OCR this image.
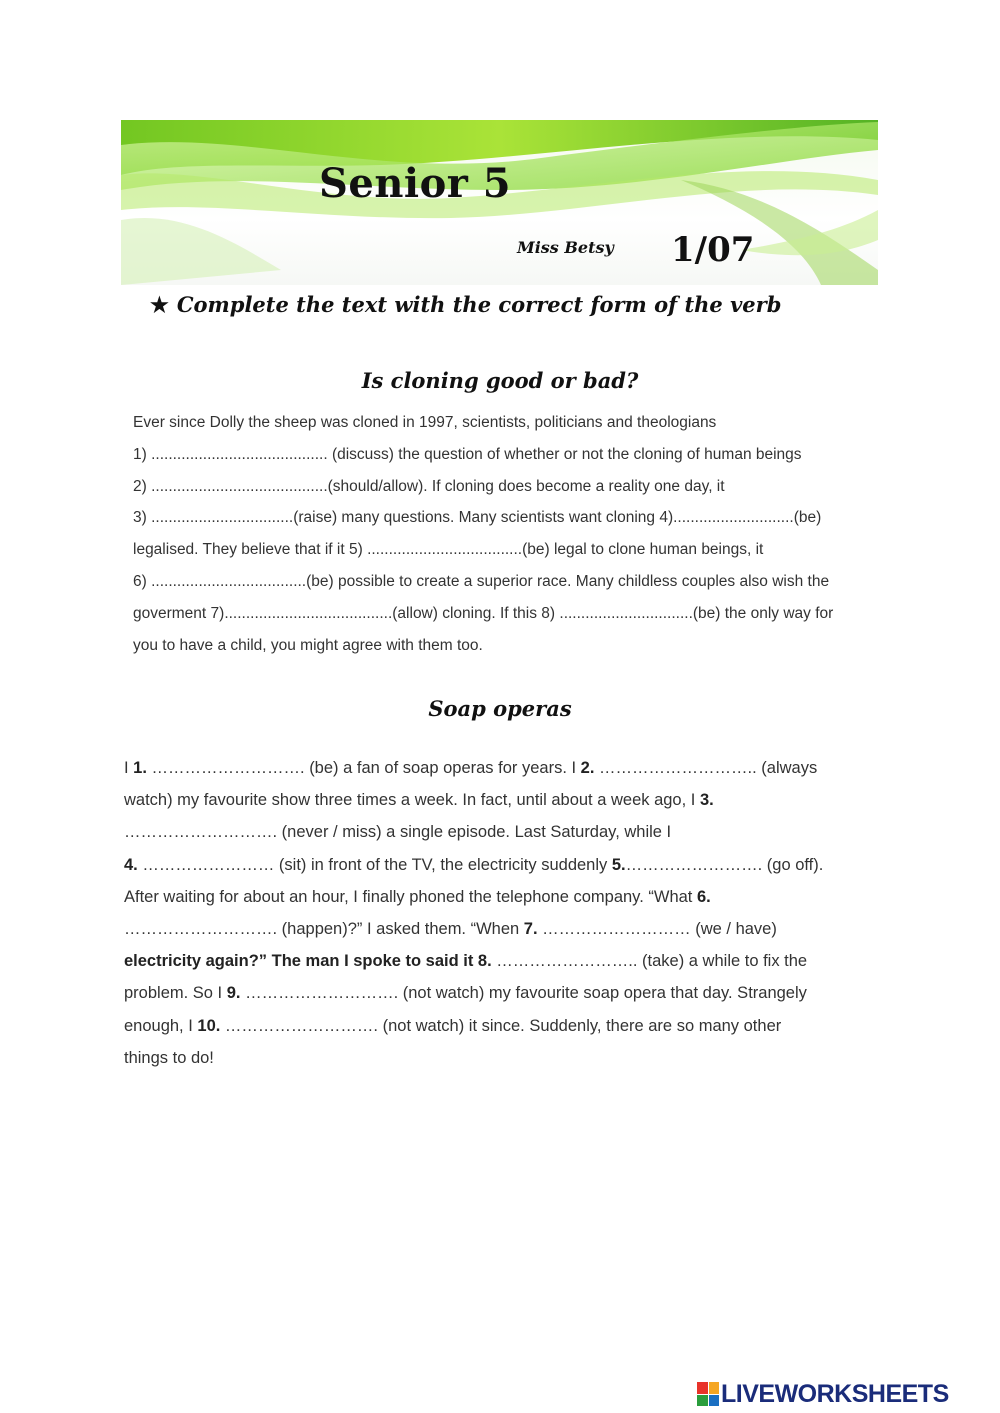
Senior 5
Miss Betsy 1/07
★ Complete the text with the correct form of the verb
Is cloning good or bad?
Ever since Dolly the sheep was cloned in 1997, scientists, politicians and theologians
1) ......................................... (discuss) the question of whether or not the cloning of human beings
2) .........................................(should/allow). If cloning does become a reality one day, it
3) .................................(raise) many questions. Many scientists want cloning 4)............................(be)
legalised. They believe that if it 5) ....................................(be) legal to clone human beings, it
6) ....................................(be) possible to create a superior race. Many childless couples also wish the
goverment 7).......................................(allow) cloning. If this 8) ...............................(be) the only way for
you to have a child, you might agree with them too.
Soap operas
I 1. ………………………. (be) a fan of soap operas for years. I 2. ……………………….. (always
watch) my favourite show three times a week. In fact, until about a week ago, I 3.
………………………. (never / miss) a single episode. Last Saturday, while I
4. …………………… (sit) in front of the TV, the electricity suddenly 5.……………………. (go off).
After waiting for about an hour, I finally phoned the telephone company. “What 6.
………………………. (happen)?” I asked them. “When 7. ……………………… (we / have)
electricity again?” The man I spoke to said it 8. …………………….. (take) a while to fix the
problem. So I 9. ………………………. (not watch) my favourite soap opera that day. Strangely
enough, I 10. ………………………. (not watch) it since. Suddenly, there are so many other
things to do!
LIVEWORKSHEETS
